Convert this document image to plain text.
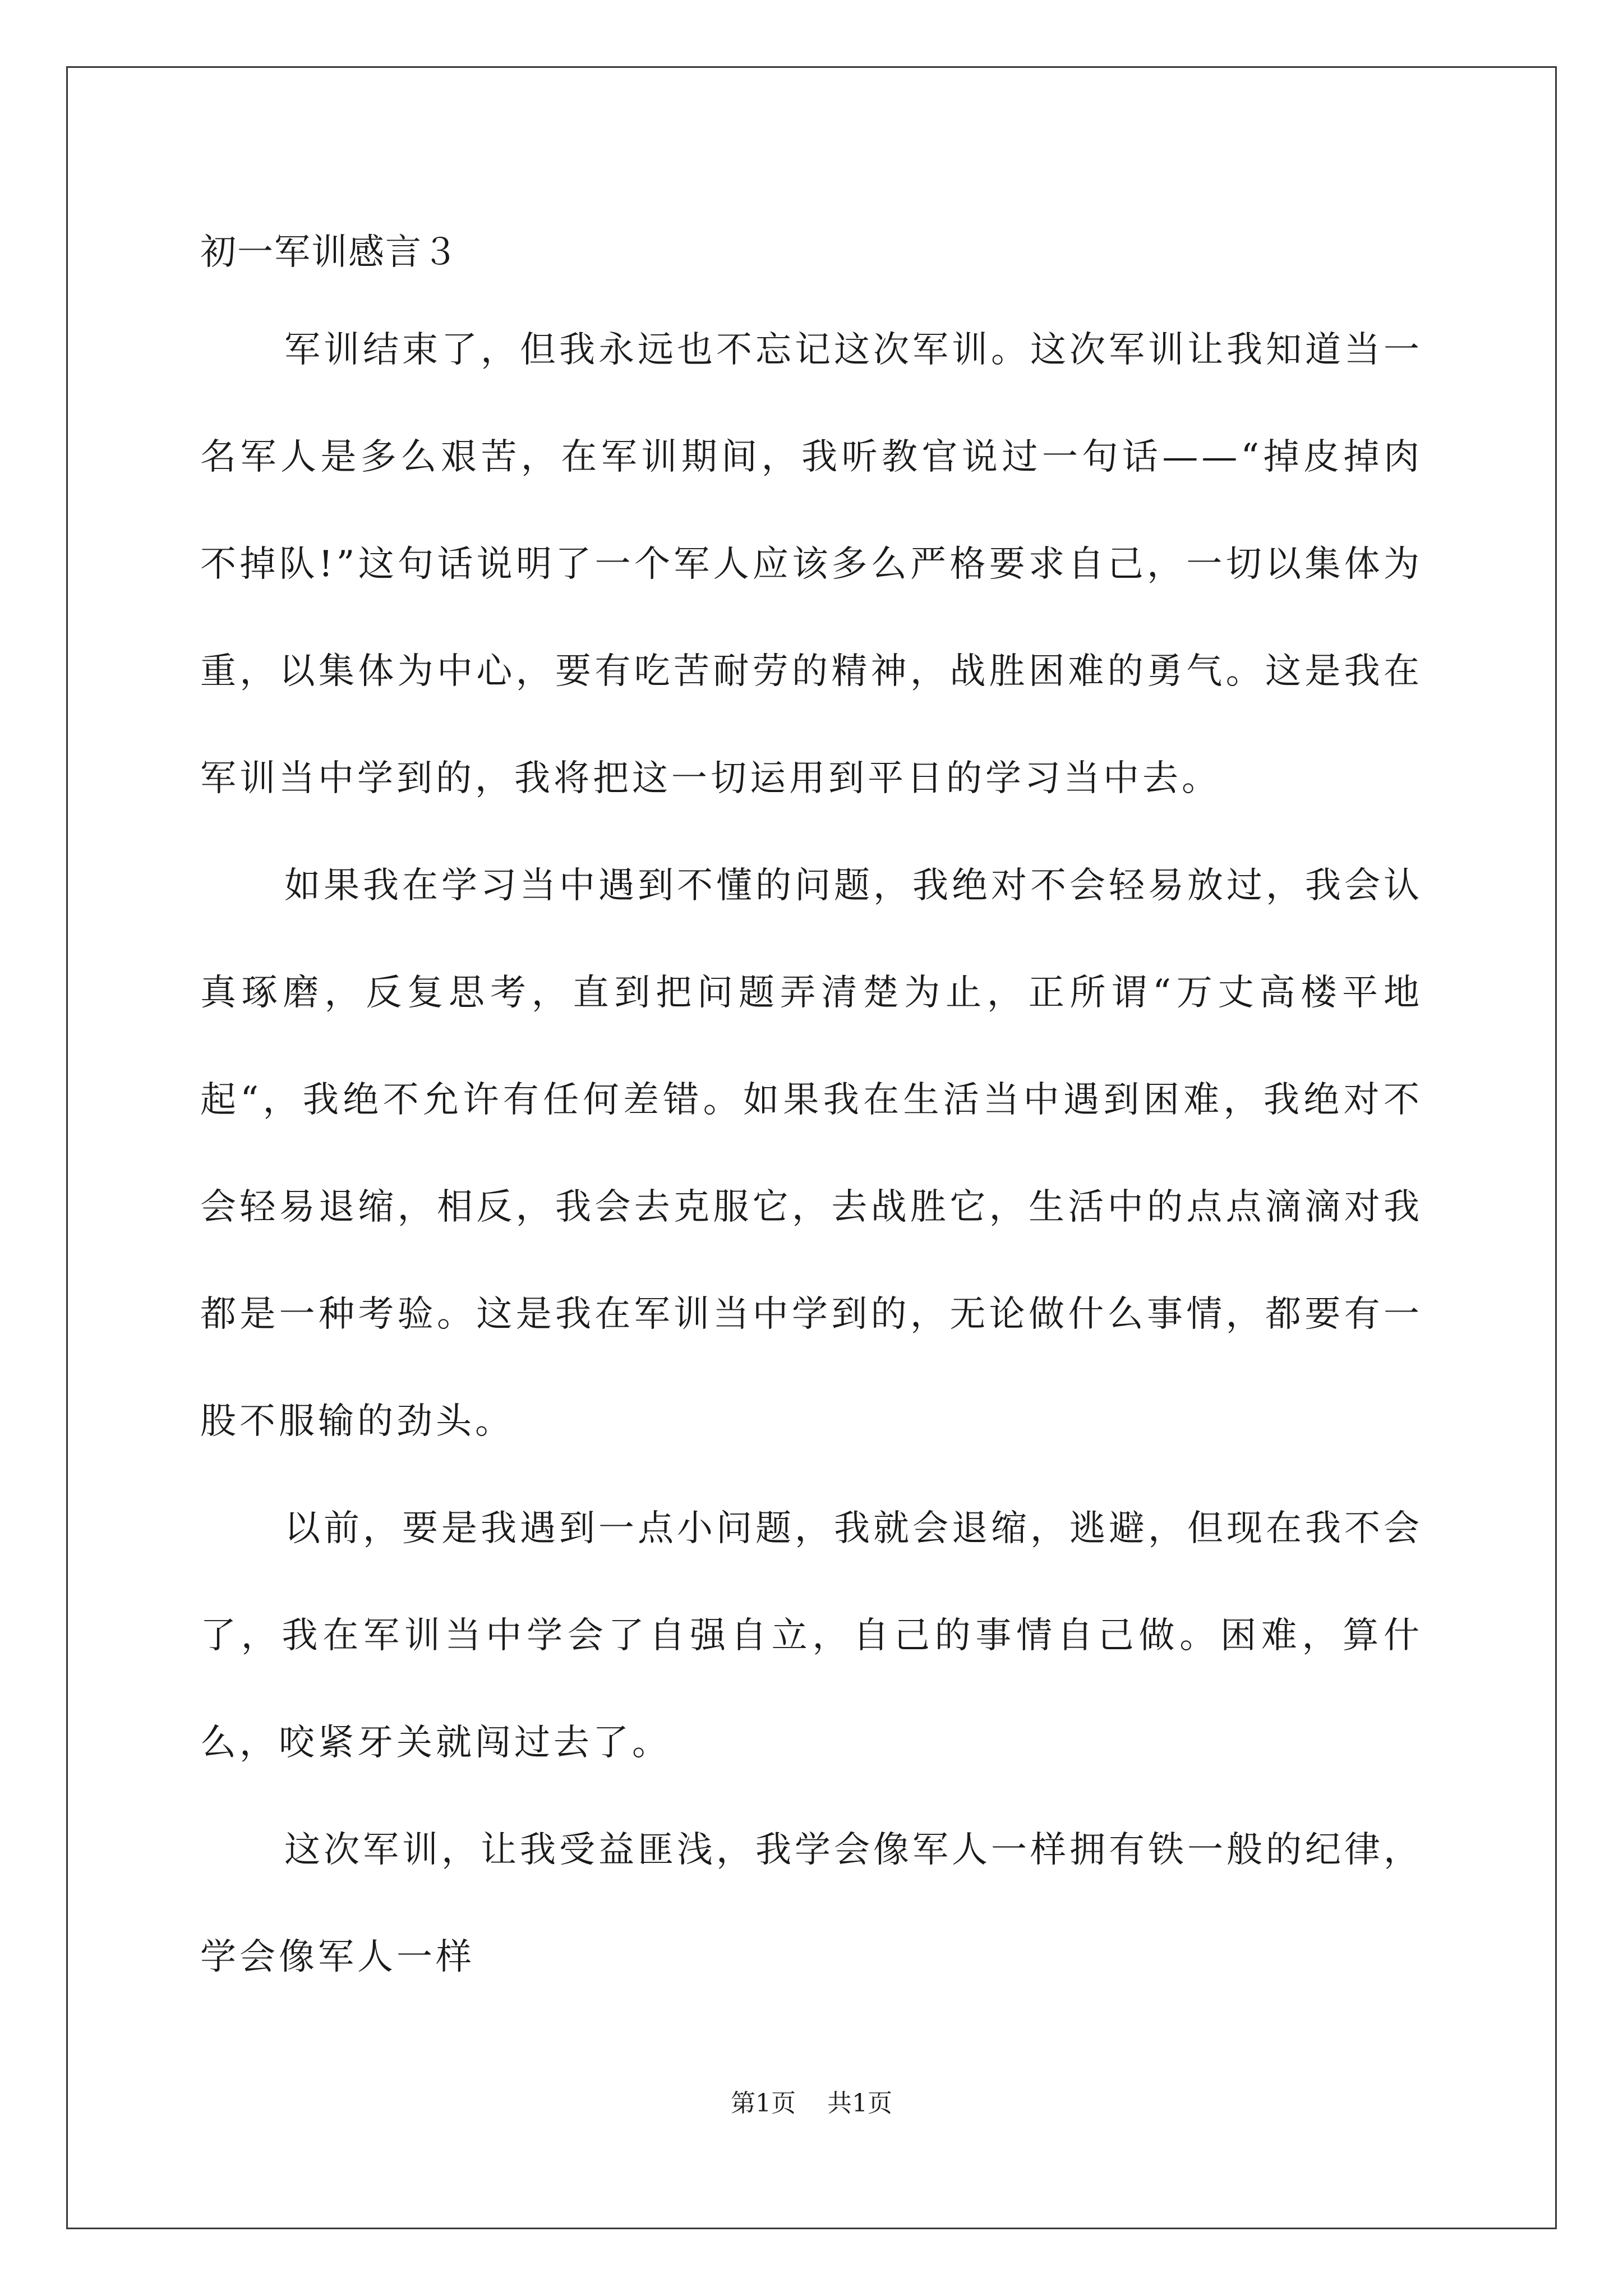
初一军训感言３

军训结束了，但我永远也不忘记这次军训。这次军训让我知道当一名军人是多么艰苦，在军训期间，我听教官说过一句话——“掉皮掉肉不掉队!”这句话说明了一个军人应该多么严格要求自己，一切以集体为重，以集体为中心，要有吃苦耐劳的精神，战胜困难的勇气。这是我在军训当中学到的，我将把这一切运用到平日的学习当中去。

如果我在学习当中遇到不懂的问题，我绝对不会轻易放过，我会认真琢磨，反复思考，直到把问题弄清楚为止，正所谓“万丈高楼平地起“，我绝不允许有任何差错。如果我在生活当中遇到困难，我绝对不会轻易退缩，相反，我会去克服它，去战胜它，生活中的点点滴滴对我都是一种考验。这是我在军训当中学到的，无论做什么事情，都要有一股不服输的劲头。

以前，要是我遇到一点小问题，我就会退缩，逃避，但现在我不会了，我在军训当中学会了自强自立，自己的事情自己做。困难，算什么，咬紧牙关就闯过去了。

这次军训，让我受益匪浅，我学会像军人一样拥有铁一般的纪律，学会像军人一样

第1页 共1页
